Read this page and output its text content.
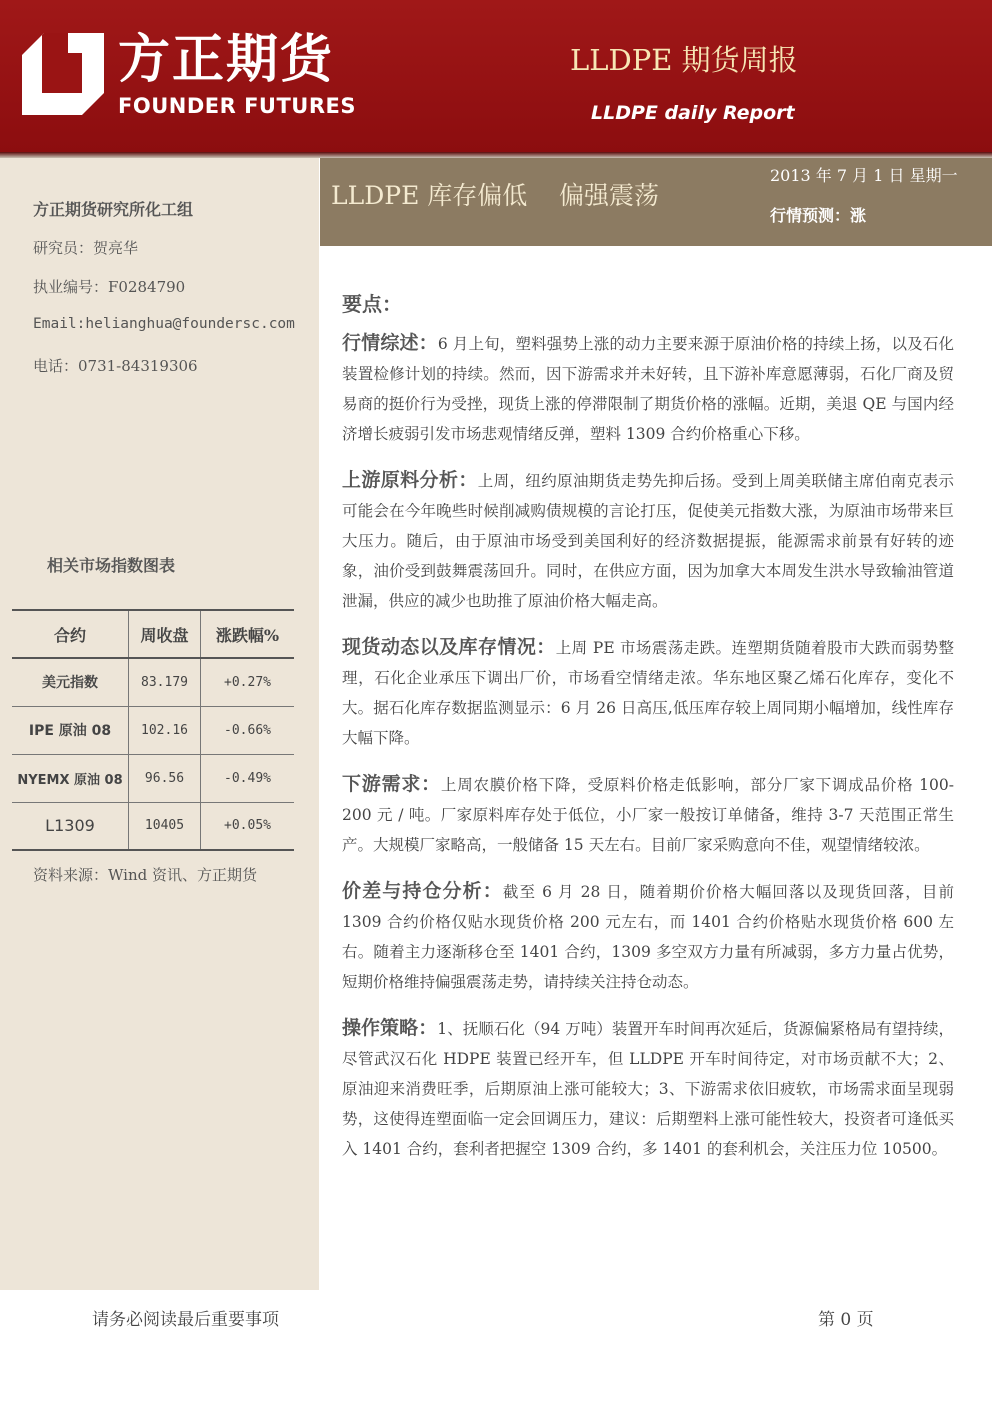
方正期货
FOUNDER FUTURES
LLDPE 期货周报
LLDPE daily Report
LLDPE 库存偏低    偏强震荡
2013 年 7 月 1 日 星期一
行情预测：涨
方正期货研究所化工组
研究员：贺亮华
执业编号：F0284790
Email:heliangh​ua@foundersc.com
电话：0731-84319306
相关市场指数图表
合约	周收盘	涨跌幅%
美元指数	83.179	+0.27%
IPE 原油 08	102.16	-0.66%
NYEMX 原油 08	96.56	-0.49%
L1309	10405	+0.05%
资料来源：Wind 资讯、方正期货
要点：

行情综述：6 月上旬，塑料强势上涨的动力主要来源于原油价格的持续上扬，以及石化装置检修计划的持续。然而，因下游需求并未好转，且下游补库意愿薄弱，石化厂商及贸易商的挺价行为受挫，现货上涨的停滞限制了期货价格的涨幅。近期，美退 QE 与国内经济增长疲弱引发市场悲观情绪反弹，塑料 1309 合约价格重心下移。

上游原料分析：上周，纽约原油期货走势先抑后扬。受到上周美联储主席伯南克表示可能会在今年晚些时候削减购债规模的言论打压，促使美元指数大涨，为原油市场带来巨大压力。随后，由于原油市场受到美国利好的经济数据提振，能源需求前景有好转的迹象，油价受到鼓舞震荡回升。同时，在供应方面，因为加拿大本周发生洪水导致输油管道泄漏，供应的减少也助推了原油价格大幅走高。

现货动态以及库存情况：上周 PE 市场震荡走跌。连塑期货随着股市大跌而弱势整理，石化企业承压下调出厂价，市场看空情绪走浓。华东地区聚乙烯石化库存，变化不大。据石化库存数据监测显示：6 月 26 日高压,低压库存较上周同期小幅增加，线性库存大幅下降。

下游需求：上周农膜价格下降，受原料价格走低影响，部分厂家下调成品价格 100-200 元 / 吨。厂家原料库存处于低位，小厂家一般按订单储备，维持 3-7 天范围正常生产。大规模厂家略高，一般储备 15 天左右。目前厂家采购意向不佳，观望情绪较浓。

价差与持仓分析：截至 6 月 28 日，随着期价价格大幅回落以及现货回落，目前 1309 合约价格仅贴水现货价格 200 元左右，而 1401 合约价格贴水现货价格 600 左右。随着主力逐渐移仓至 1401 合约，1309 多空双方力量有所减弱，多方力量占优势，短期价格维持偏强震荡走势，请持续关注持仓动态。

操作策略：1、抚顺石化（94 万吨）装置开车时间再次延后，货源偏紧格局有望持续，尽管武汉石化 HDPE 装置已经开车，但 LLDPE 开车时间待定，对市场贡献不大；2、原油迎来消费旺季，后期原油上涨可能较大；3、下游需求依旧疲软，市场需求面呈现弱势，这使得连塑面临一定会回调压力，建议：后期塑料上涨可能性较大，投资者可逢低买入 1401 合约，套利者把握空 1309 合约，多 1401 的套利机会，关注压力位 10500。

请务必阅读最后重要事项	第 0 页
